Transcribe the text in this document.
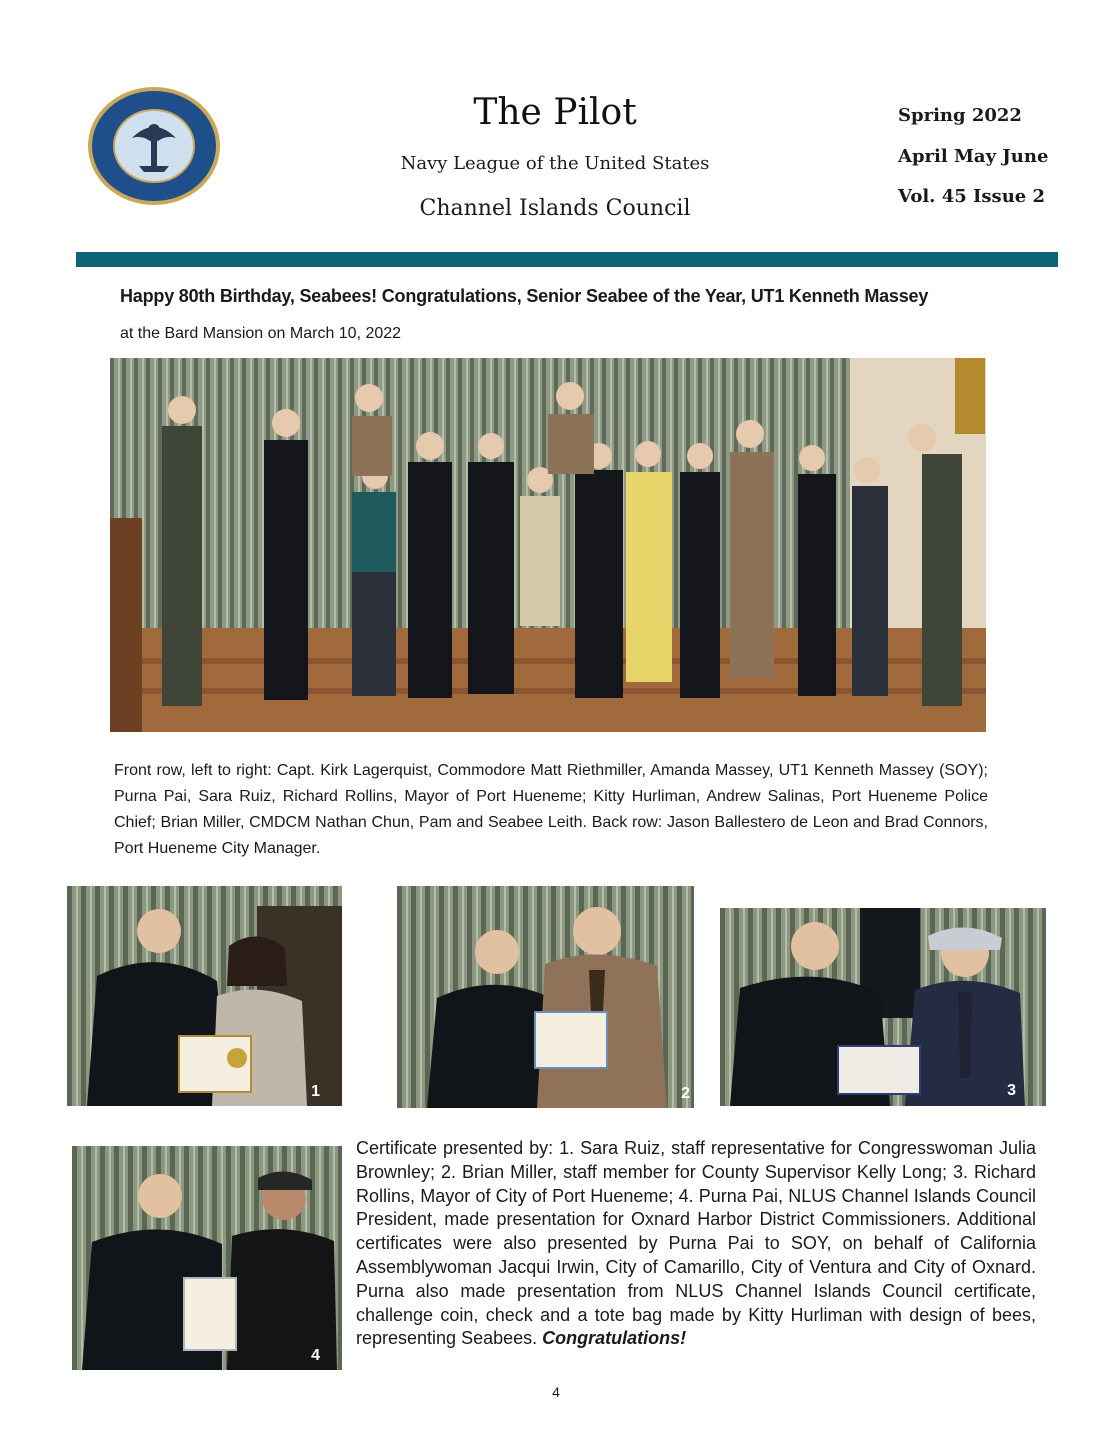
The Pilot
Navy League of the United States
Channel Islands Council
Spring 2022
April May June
Vol. 45 Issue 2
Happy 80th Birthday, Seabees! Congratulations, Senior Seabee of the Year, UT1 Kenneth Massey
at the Bard Mansion on March 10, 2022
Front row, left to right: Capt. Kirk Lagerquist, Commodore Matt Riethmiller, Amanda Massey, UT1 Kenneth Massey (SOY); Purna Pai, Sara Ruiz, Richard Rollins, Mayor of Port Hueneme; Kitty Hurliman, Andrew Salinas, Port Hueneme Police Chief; Brian Miller, CMDCM Nathan Chun, Pam and Seabee Leith. Back row: Jason Ballestero de Leon and Brad Connors, Port Hueneme City Manager.
1	2	3
4
Certificate presented by: 1. Sara Ruiz, staff representative for Congresswoman Julia Brownley; 2. Brian Miller, staff member for County Supervisor Kelly Long; 3. Richard Rollins, Mayor of City of Port Hueneme; 4. Purna Pai, NLUS Channel Islands Council President, made presentation for Oxnard Harbor District Commissioners. Additional certificates were also presented by Purna Pai to SOY, on behalf of California Assemblywoman Jacqui Irwin, City of Camarillo, City of Ventura and City of Oxnard. Purna also made presentation from NLUS Channel Islands Council certificate, challenge coin, check and a tote bag made by Kitty Hurliman with design of bees, representing Seabees. Congratulations!
4
